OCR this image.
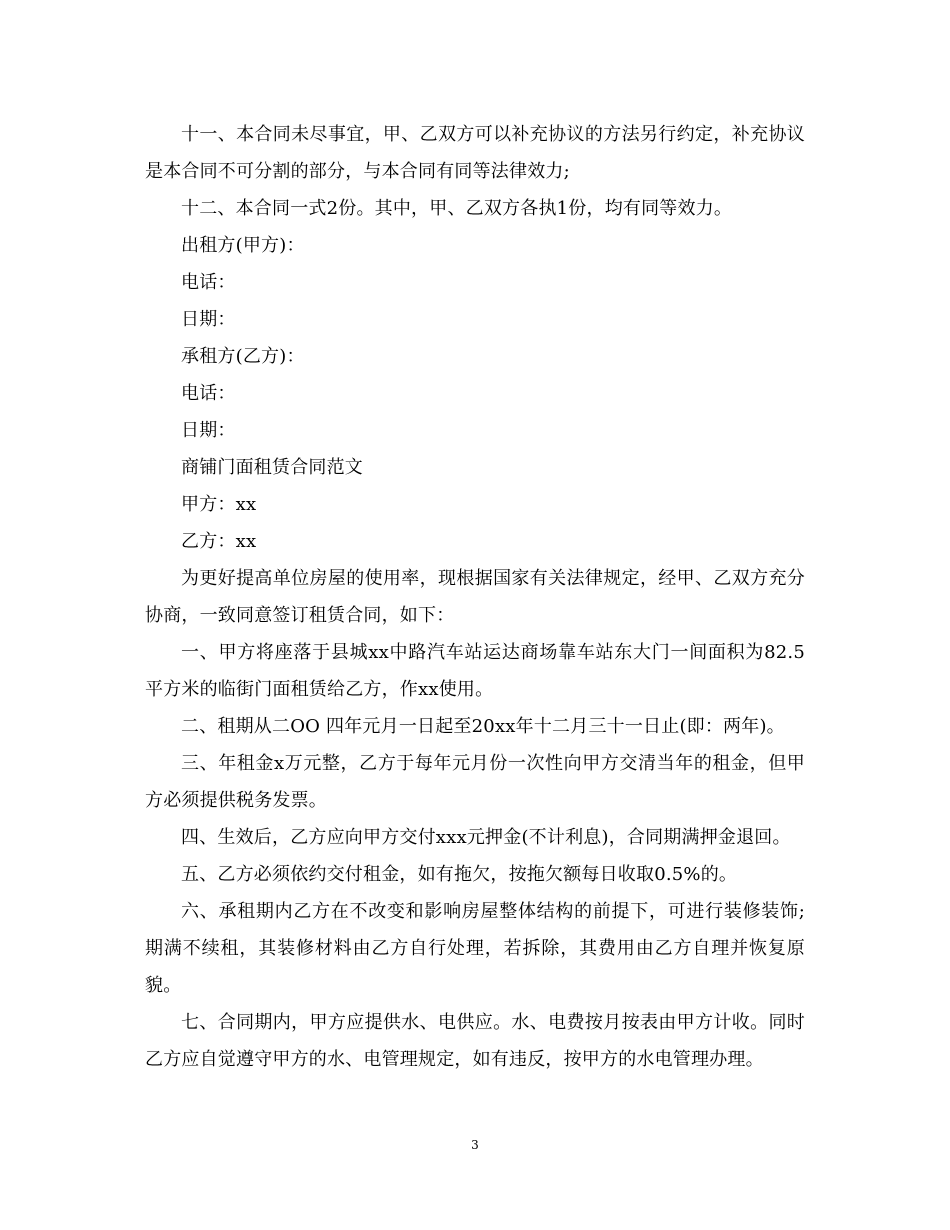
十一、本合同未尽事宜，甲、乙双方可以补充协议的方法另行约定，补充协议是本合同不可分割的部分，与本合同有同等法律效力;

十二、本合同一式2份。其中，甲、乙双方各执1份，均有同等效力。

出租方(甲方)：

电话：

日期：

承租方(乙方)：

电话：

日期：

商铺门面租赁合同范文

甲方：xx

乙方：xx

为更好提高单位房屋的使用率，现根据国家有关法律规定，经甲、乙双方充分协商，一致同意签订租赁合同，如下：

一、甲方将座落于县城xx中路汽车站运达商场靠车站东大门一间面积为82.5平方米的临街门面租赁给乙方，作xx使用。

二、租期从二OO 四年元月一日起至20xx年十二月三十一日止(即：两年)。

三、年租金x万元整，乙方于每年元月份一次性向甲方交清当年的租金，但甲方必须提供税务发票。

四、生效后，乙方应向甲方交付xxx元押金(不计利息)，合同期满押金退回。

五、乙方必须依约交付租金，如有拖欠，按拖欠额每日收取0.5%的。

六、承租期内乙方在不改变和影响房屋整体结构的前提下，可进行装修装饰;期满不续租，其装修材料由乙方自行处理，若拆除，其费用由乙方自理并恢复原貌。

七、合同期内，甲方应提供水、电供应。水、电费按月按表由甲方计收。同时乙方应自觉遵守甲方的水、电管理规定，如有违反，按甲方的水电管理办理。

3
